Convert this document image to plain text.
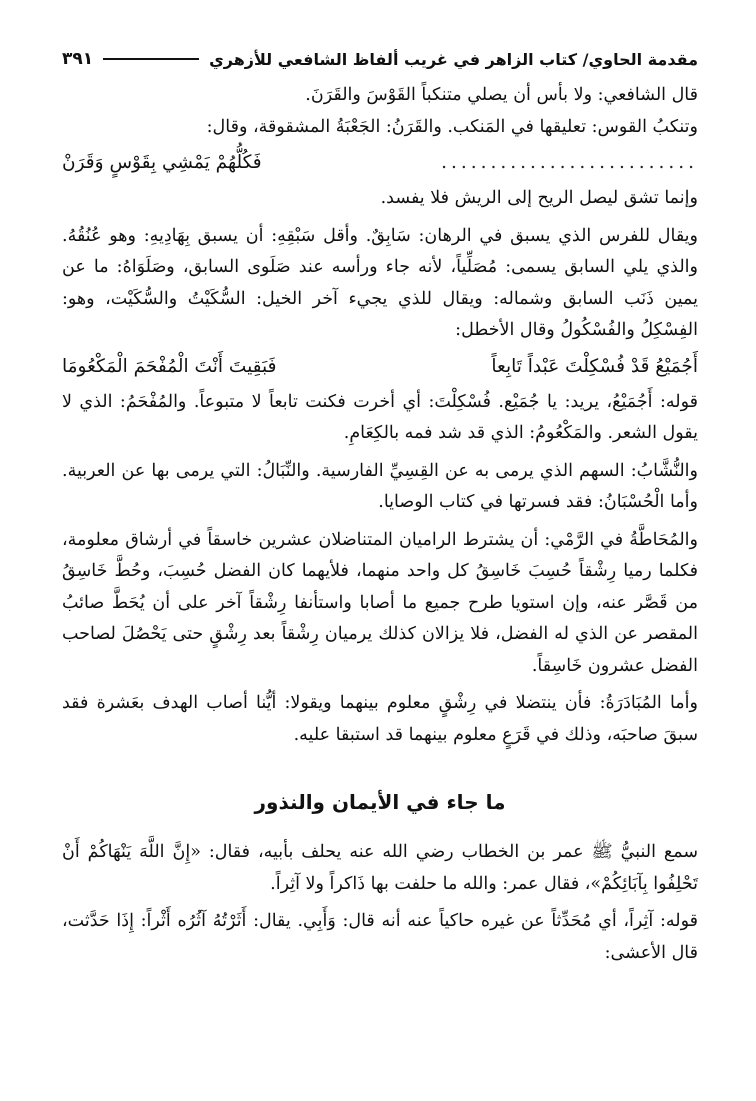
مقدمة الحاوي/ كتاب الزاهر في غريب ألفاظ الشافعي للأزهري
٣٩١

قال الشافعي: ولا بأس أن يصلي متنكباً القَوْسَ والقَرَنَ.

وتنكبُ القوس: تعليقها في المَنكب. والقَرَنُ: الجَعْبَةُ المشقوقة، وقال:

..........................
فَكُلُّهُمْ يَمْشِي بِقَوْسٍ وَقَرَنْ

وإنما تشق ليصل الريح إلى الريش فلا يفسد.

ويقال للفرس الذي يسبق في الرهان: سَابِقٌ. وأقل سَبْقِهِ: أن يسبق بِهَادِيهِ: وهو عُنُقُهُ. والذي يلي السابق يسمى: مُصَلِّياً، لأنه جاء ورأسه عند صَلَوى السابق، وصَلَوَاهُ: ما عن يمين ذَنَب السابق وشماله: ويقال للذي يجيء آخر الخيل: السُّكَيْتُ والسُّكَيْت، وهو: الفِسْكِلُ والفُسْكُولُ وقال الأخطل:

أَجُمَيْعُ قَدْ فُسْكِلْتَ عَبْداً تَابِعاً
فَبَقِيتَ أَنْتَ الْمُفْحَمَ الْمَكْعُومَا

قوله: أَجُمَيْعُ، يريد: يا جُمَيْع. فُسْكِلْتَ: أي أخرت فكنت تابعاً لا متبوعاً. والمُفْحَمُ: الذي لا يقول الشعر. والمَكْعُومُ: الذي قد شد فمه بالكِعَامِ.

والنُّشَّابُ: السهم الذي يرمى به عن القِسِيِّ الفارسية. والنِّبَالُ: التي يرمى بها عن العربية. وأما الْحُسْبَانُ: فقد فسرتها في كتاب الوصايا.

والمُحَاطَّةُ في الرَّمْي: أن يشترط الراميان المتناضلان عشرين خاسقاً في أرشاق معلومة، فكلما رميا رِشْقاً حُسِبَ خَاسِقُ كل واحد منهما، فلأيهما كان الفضل حُسِبَ، وحُطَّ خَاسِقُ من قَصَّر عنه، وإن استويا طرح جميع ما أصابا واستأنفا رِشْقاً آخر على أن يُحَطَّ صائبُ المقصر عن الذي له الفضل، فلا يزالان كذلك يرميان رِشْقاً بعد رِشْقٍ حتى يَحْصُلَ لصاحب الفضل عشرون خَاسِقاً.

وأما المُبَادَرَةُ: فأن ينتضلا في رِشْقٍ معلوم بينهما ويقولا: أيُّنا أصاب الهدف بعَشرة فقد سبقَ صاحبَه، وذلك في قَرَعٍ معلوم بينهما قد استبقا عليه.

ما جاء في الأيمان والنذور

سمع النبيُّ ﷺ عمر بن الخطاب رضي الله عنه يحلف بأبيه، فقال: «إِنَّ اللَّهَ يَنْهَاكُمْ أَنْ تَحْلِفُوا بِآبَائِكُمْ»، فقال عمر: والله ما حلفت بها ذَاكراً ولا آثِراً.

قوله: آثِراً، أي مُحَدِّثاً عن غيره حاكياً عنه أنه قال: وَأَبِي. يقال: أَثَرْتُهُ آثُرُه أَثْراً: إِذَا حَدَّثت، قال الأعشى:
